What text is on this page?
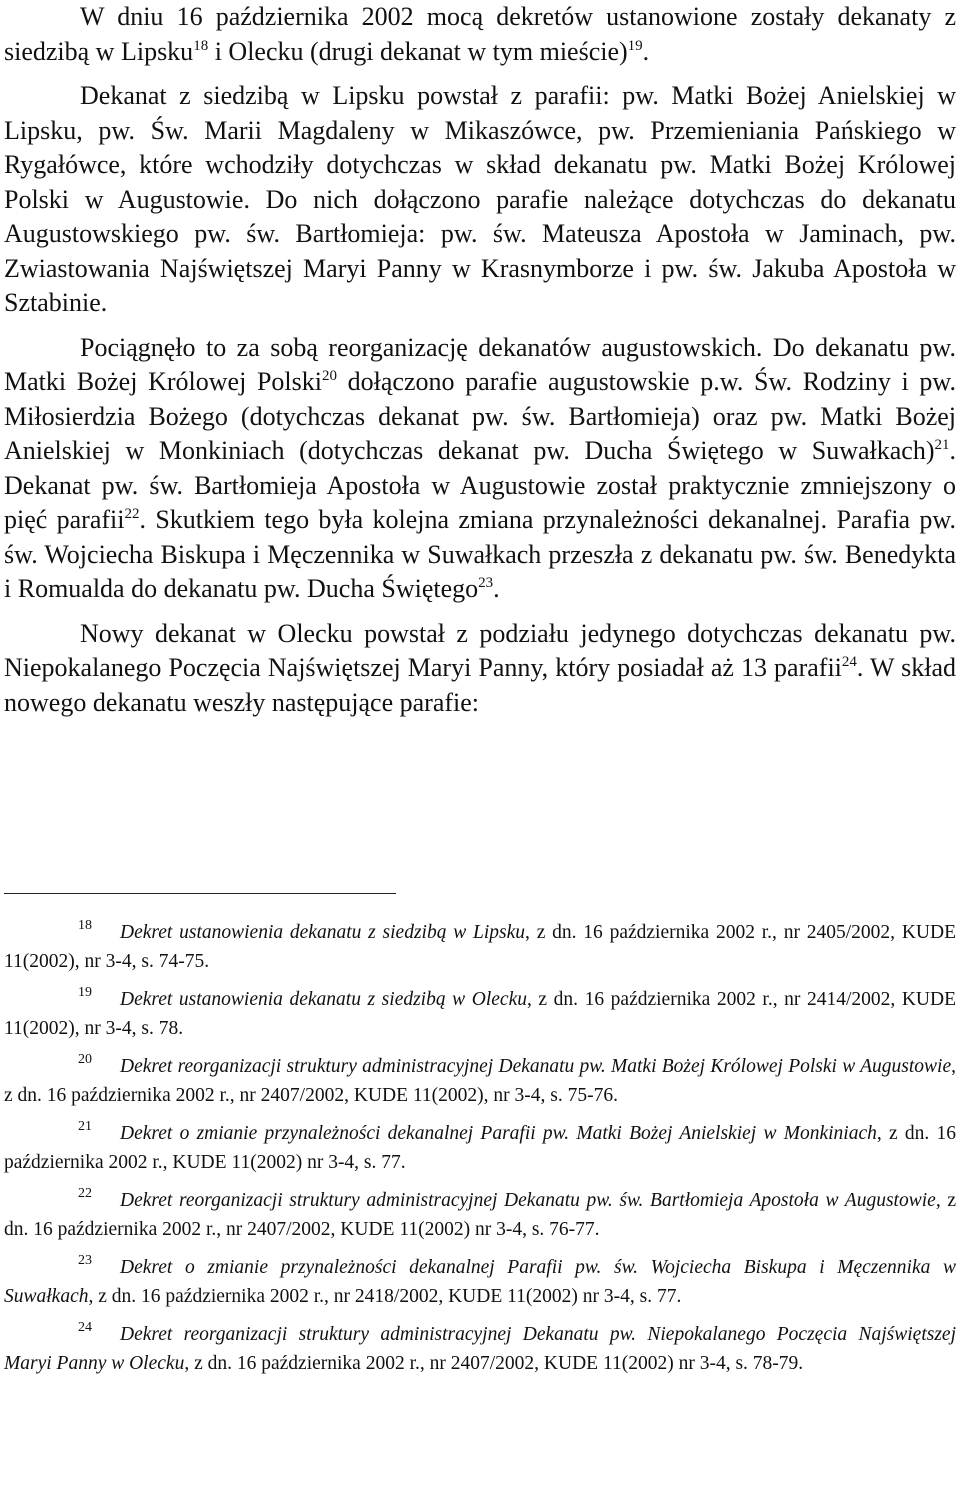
W dniu 16 października 2002 mocą dekretów ustanowione zostały dekanaty z siedzibą w Lipsku$^{18}$ i Olecku (drugi dekanat w tym mieście)$^{19}$.

Dekanat z siedzibą w Lipsku powstał z parafii: pw. Matki Bożej Anielskiej w Lipsku, pw. Św. Marii Magdaleny w Mikaszówce, pw. Przemieniania Pańskiego w Rygałówce, które wchodziły dotychczas w skład dekanatu pw. Matki Bożej Królowej Polski w Augustowie. Do nich dołączono parafie należące dotychczas do dekanatu Augustowskiego pw. św. Bartłomieja: pw. św. Mateusza Apostoła w Jaminach, pw. Zwiastowania Najświętszej Maryi Panny w Krasnymborze i pw. św. Jakuba Apostoła w Sztabinie.

Pociągnęło to za sobą reorganizację dekanatów augustowskich. Do dekanatu pw. Matki Bożej Królowej Polski$^{20}$ dołączono parafie augustowskie p.w. Św. Rodziny i pw. Miłosierdzia Bożego (dotychczas dekanat pw. św. Bartłomieja) oraz pw. Matki Bożej Anielskiej w Monkiniach (dotychczas dekanat pw. Ducha Świętego w Suwałkach)$^{21}$. Dekanat pw. św. Bartłomieja Apostoła w Augustowie został praktycznie zmniejszony o pięć parafii$^{22}$. Skutkiem tego była kolejna zmiana przynależności dekanalnej. Parafia pw. św. Wojciecha Biskupa i Męczennika w Suwałkach przeszła z dekanatu pw. św. Benedykta i Romualda do dekanatu pw. Ducha Świętego$^{23}$.

Nowy dekanat w Olecku powstał z podziału jedynego dotychczas dekanatu pw. Niepokalanego Poczęcia Najświętszej Maryi Panny, który posiadał aż 13 parafii$^{24}$. W skład nowego dekanatu weszły następujące parafie:

$^{18}$ Dekret ustanowienia dekanatu z siedzibą w Lipsku, z dn. 16 października 2002 r., nr 2405/2002, KUDE 11(2002), nr 3-4, s. 74-75.

$^{19}$ Dekret ustanowienia dekanatu z siedzibą w Olecku, z dn. 16 października 2002 r., nr 2414/2002, KUDE 11(2002), nr 3-4, s. 78.

$^{20}$ Dekret reorganizacji struktury administracyjnej Dekanatu pw. Matki Bożej Królowej Polski w Augustowie, z dn. 16 października 2002 r., nr 2407/2002, KUDE 11(2002), nr 3-4, s. 75-76.

$^{21}$ Dekret o zmianie przynależności dekanalnej Parafii pw. Matki Bożej Anielskiej w Monkiniach, z dn. 16 października 2002 r., KUDE 11(2002) nr 3-4, s. 77.

$^{22}$ Dekret reorganizacji struktury administracyjnej Dekanatu pw. św. Bartłomieja Apostoła w Augustowie, z dn. 16 października 2002 r., nr 2407/2002, KUDE 11(2002) nr 3-4, s. 76-77.

$^{23}$ Dekret o zmianie przynależności dekanalnej Parafii pw. św. Wojciecha Biskupa i Męczennika w Suwałkach, z dn. 16 października 2002 r., nr 2418/2002, KUDE 11(2002) nr 3-4, s. 77.

$^{24}$ Dekret reorganizacji struktury administracyjnej Dekanatu pw. Niepokalanego Poczęcia Najświętszej Maryi Panny w Olecku, z dn. 16 października 2002 r., nr 2407/2002, KUDE 11(2002) nr 3-4, s. 78-79.
